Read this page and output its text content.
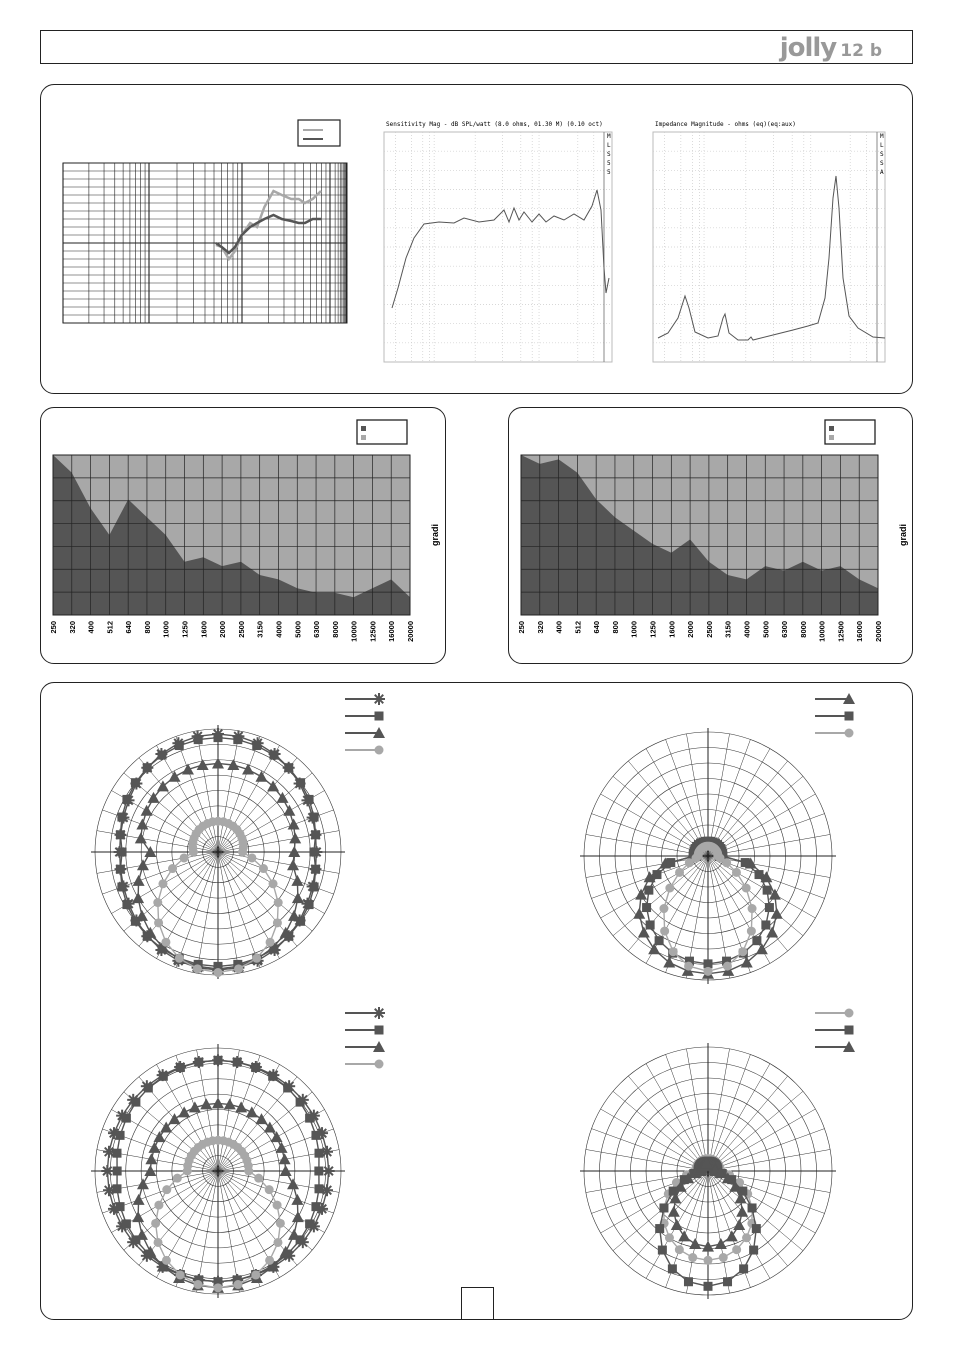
jolly 12 b
Sensitivity Mag - dB SPL/watt (8.0 ohms, 01.30 M) (0.10 oct)
M
L
S
5
5
Impedance Magnitude - ohms (eq)(eq:aux)
M
L
S
S
A
250 320 400 512 640 800 1000 1250 1600 2000 2500 3150 4000 5000 6300 8000 10000 12500 16000 20000
gradi
250 320 400 512 640 800 1000 1250 1600 2000 2500 3150 4000 5000 6300 8000 10000 12500 16000 20000
gradi
